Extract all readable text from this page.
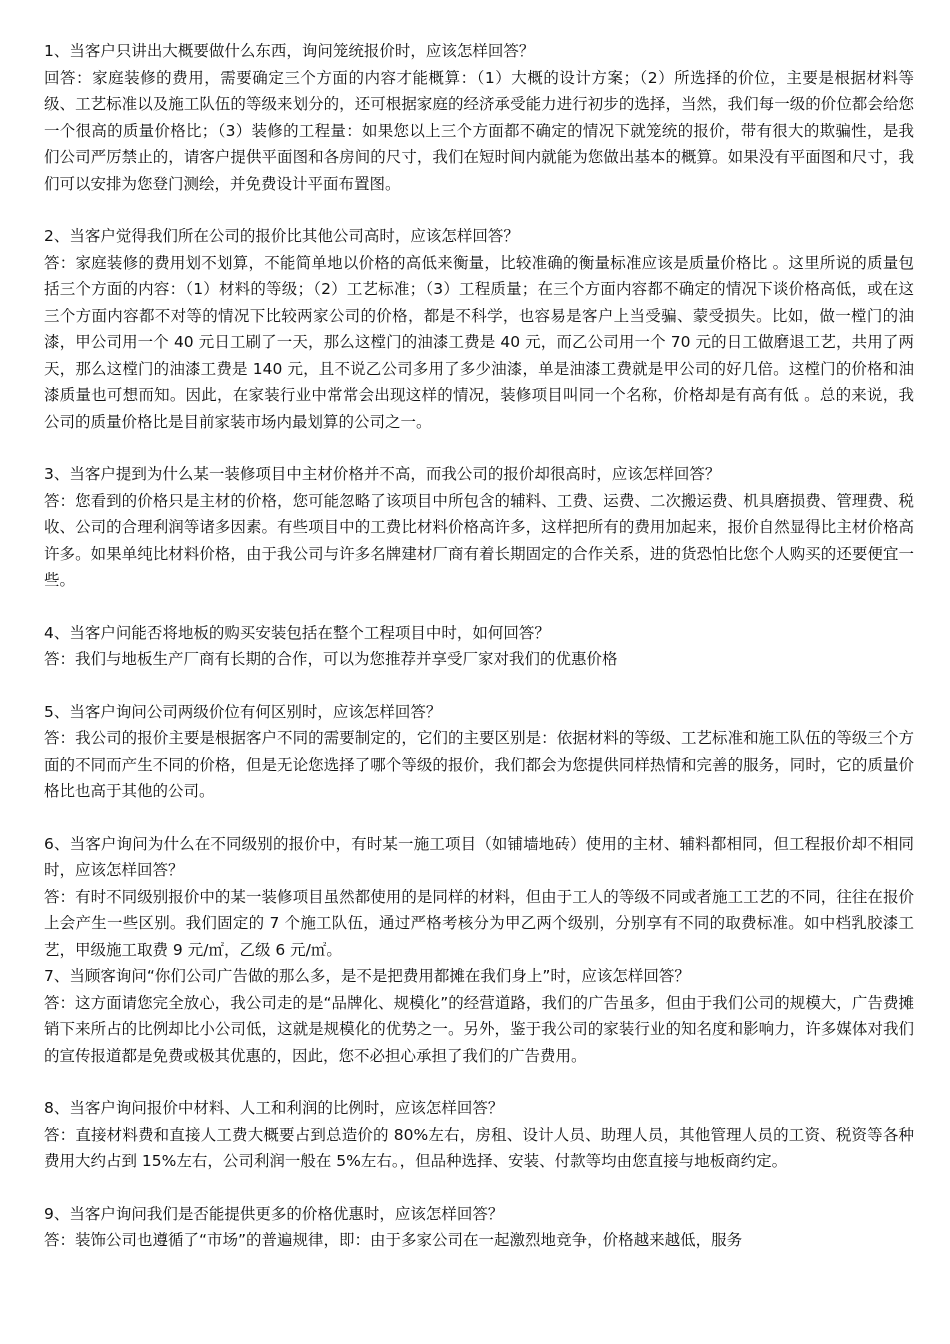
1、当客户只讲出大概要做什么东西，询问笼统报价时，应该怎样回答？

回答：家庭装修的费用，需要确定三个方面的内容才能概算：（1）大概的设计方案；（2）所选择的价位，主要是根据材料等级、工艺标准以及施工队伍的等级来划分的，还可根据家庭的经济承受能力进行初步的选择，当然，我们每一级的价位都会给您一个很高的质量价格比；（3）装修的工程量：如果您以上三个方面都不确定的情况下就笼统的报价，带有很大的欺骗性，是我们公司严厉禁止的，请客户提供平面图和各房间的尺寸，我们在短时间内就能为您做出基本的概算。如果没有平面图和尺寸，我们可以安排为您登门测绘，并免费设计平面布置图。

2、当客户觉得我们所在公司的报价比其他公司高时，应该怎样回答？

答：家庭装修的费用划不划算，不能简单地以价格的高低来衡量，比较准确的衡量标准应该是质量价格比 。这里所说的质量包括三个方面的内容：（1）材料的等级；（2）工艺标准；（3）工程质量；在三个方面内容都不确定的情况下谈价格高低，或在这三个方面内容都不对等的情况下比较两家公司的价格，都是不科学，也容易是客户上当受骗、蒙受损失。比如，做一樘门的油漆，甲公司用一个 40 元日工刷了一天，那么这樘门的油漆工费是 40 元，而乙公司用一个 70 元的日工做磨退工艺，共用了两天，那么这樘门的油漆工费是 140 元，且不说乙公司多用了多少油漆，单是油漆工费就是甲公司的好几倍。这樘门的价格和油漆质量也可想而知。因此，在家装行业中常常会出现这样的情况，装修项目叫同一个名称，价格却是有高有低 。总的来说，我公司的质量价格比是目前家装市场内最划算的公司之一。

3、当客户提到为什么某一装修项目中主材价格并不高，而我公司的报价却很高时，应该怎样回答？

答：您看到的价格只是主材的价格，您可能忽略了该项目中所包含的辅料、工费、运费、二次搬运费、机具磨损费、管理费、税收、公司的合理利润等诸多因素。有些项目中的工费比材料价格高许多，这样把所有的费用加起来，报价自然显得比主材价格高许多。如果单纯比材料价格，由于我公司与许多名牌建材厂商有着长期固定的合作关系，进的货恐怕比您个人购买的还要便宜一些。

4、当客户问能否将地板的购买安装包括在整个工程项目中时，如何回答？

答：我们与地板生产厂商有长期的合作，可以为您推荐并享受厂家对我们的优惠价格

5、当客户询问公司两级价位有何区别时，应该怎样回答？

答：我公司的报价主要是根据客户不同的需要制定的，它们的主要区别是：依据材料的等级、工艺标准和施工队伍的等级三个方面的不同而产生不同的价格，但是无论您选择了哪个等级的报价，我们都会为您提供同样热情和完善的服务，同时，它的质量价格比也高于其他的公司。

6、当客户询问为什么在不同级别的报价中，有时某一施工项目（如铺墙地砖）使用的主材、辅料都相同，但工程报价却不相同时，应该怎样回答？

答：有时不同级别报价中的某一装修项目虽然都使用的是同样的材料，但由于工人的等级不同或者施工工艺的不同，往往在报价上会产生一些区别。我们固定的 7 个施工队伍，通过严格考核分为甲乙两个级别，分别享有不同的取费标准。如中档乳胶漆工艺，甲级施工取费 9 元/㎡，乙级 6 元/㎡。

7、当顾客询问“你们公司广告做的那么多，是不是把费用都摊在我们身上”时，应该怎样回答？

答：这方面请您完全放心，我公司走的是“品牌化、规模化”的经营道路，我们的广告虽多，但由于我们公司的规模大，广告费摊销下来所占的比例却比小公司低，这就是规模化的优势之一。另外，鉴于我公司的家装行业的知名度和影响力，许多媒体对我们的宣传报道都是免费或极其优惠的，因此，您不必担心承担了我们的广告费用。

8、当客户询问报价中材料、人工和利润的比例时，应该怎样回答？

答：直接材料费和直接人工费大概要占到总造价的 80%左右，房租、设计人员、助理人员，其他管理人员的工资、税资等各种费用大约占到 15%左右，公司利润一般在 5%左右。，但品种选择、安装、付款等均由您直接与地板商约定。

9、当客户询问我们是否能提供更多的价格优惠时，应该怎样回答？

答：装饰公司也遵循了“市场”的普遍规律，即：由于多家公司在一起激烈地竞争，价格越来越低，服务
